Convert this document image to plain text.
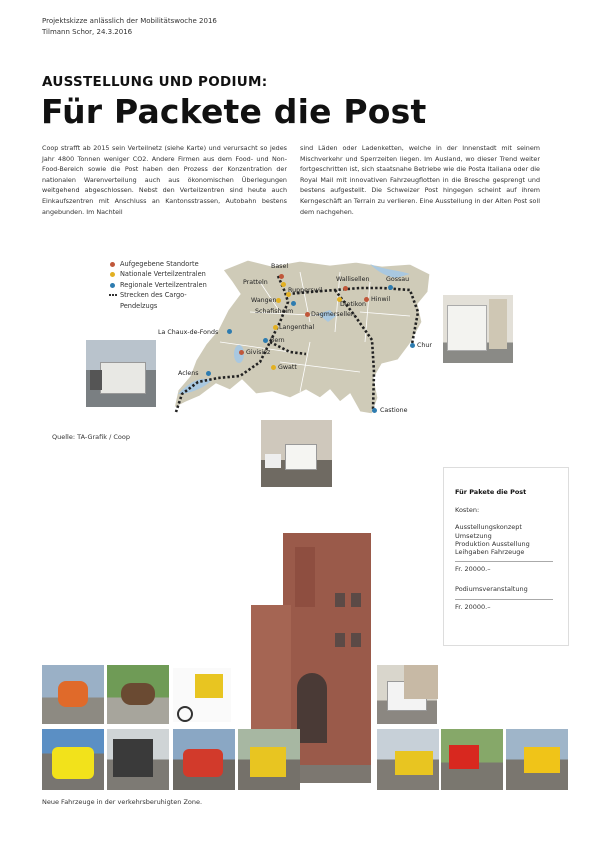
Projektskizze anlässlich der Mobilitätswoche 2016
Tilmann Schor, 24.3.2016
AUSSTELLUNG UND PODIUM:
Für Packete die Post
Coop strafft ab 2015 sein Verteilnetz (siehe Karte) und verursacht so jedes Jahr 4800 Tonnen weniger CO2. Andere Firmen aus dem Food- und Non-Food-Bereich sowie die Post haben den Prozess der Konzentration der nationalen Warenverteilung auch aus ökonomischen Überlegungen weitgehend abgeschlossen. Nebst den Verteilzentren sind heute auch Einkaufszentren mit Anschluss an Kantonsstrassen, Autobahn bestens angebunden. Im Nachteil
sind Läden oder Ladenketten, welche in der Innenstadt mit seinem Mischverkehr und Sperrzeiten liegen. Im Ausland, wo dieser Trend weiter fortgeschritten ist, sich staatsnahe Betriebe wie die Posta Italiana oder die Royal Mail mit innovativen Fahrzeugflotten in die Bresche gesprengt und bestens aufgestellt. Die Schweizer Post hingegen scheint auf ihrem Kerngeschäft an Terrain zu verlieren. Eine Ausstellung in der Alten Post soll dem nachgehen.
Aufgegebene Standorte
Nationale Verteilzentralen
Regionale Verteilzentralen
Strecken des Cargo-
Pendelzugs
Basel
Pratteln	Wallisellen	Gossau
Rupperswil
Wangen
Schafisheim
Dietikon
Hinwil
Dagmersellen
La Chaux-de-Fonds
Langenthal
Bern
Chur
Givisiez
Aclens
Gwatt
Castione
Quelle: TA-Grafik / Coop
Für Pakete die Post
Kosten:
Ausstellungskonzept
Umsetzung
Produktion Ausstellung
Leihgaben Fahrzeuge
Fr. 20000.–
Podiumsveranstaltung
Fr. 20000.–
Neue Fahrzeuge in der verkehrsberuhigten Zone.
